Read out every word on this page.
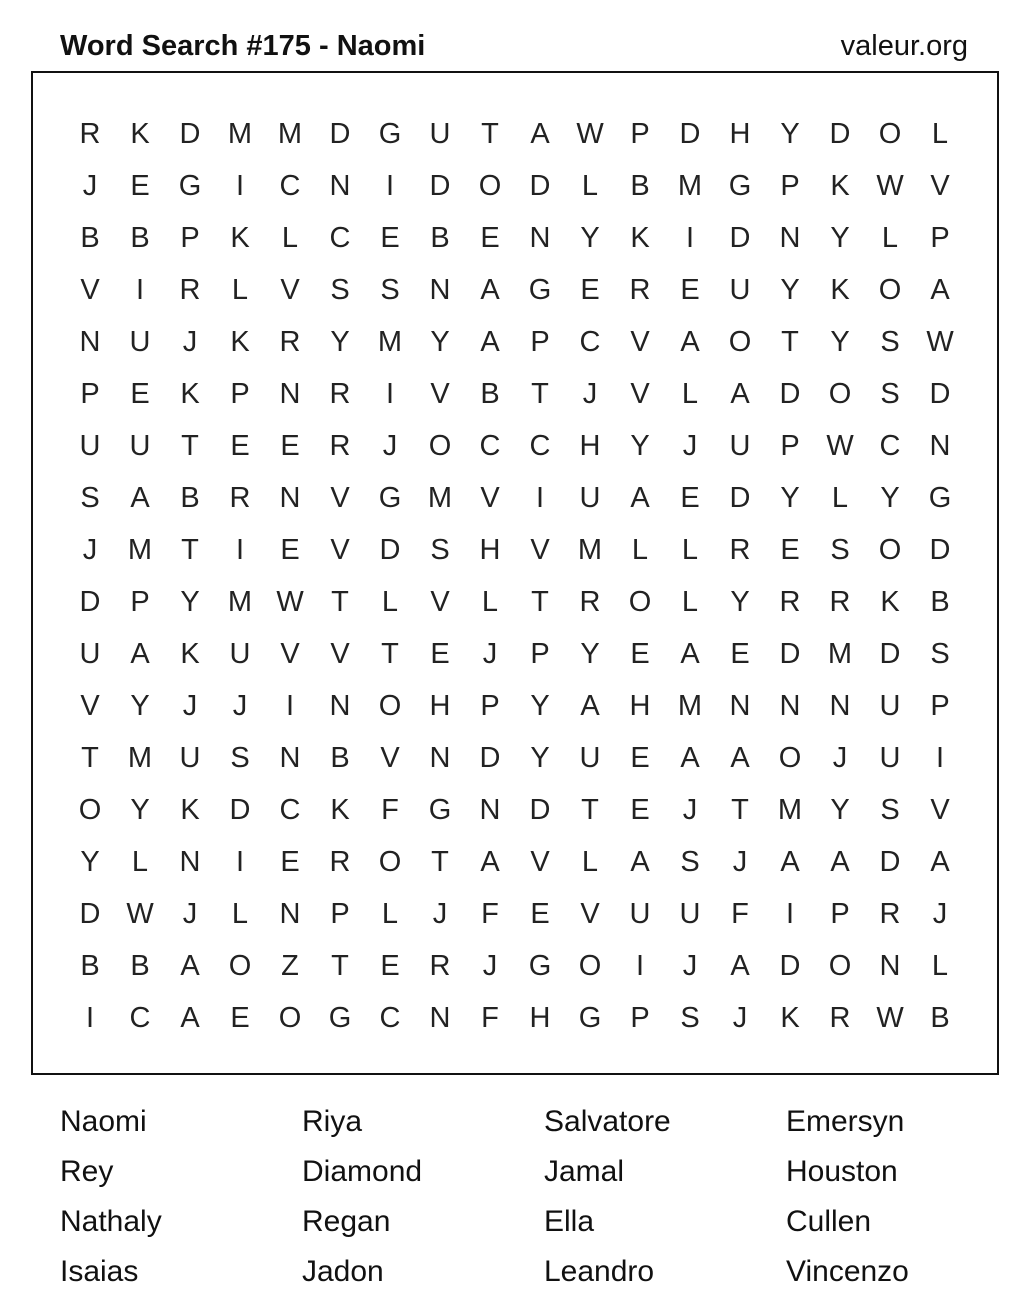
Word Search #175 - Naomi	valeur.org
R	K	D M M D G U	T	A W P	D	H	Y	D O	L
J	E	G	I	C	N	I	D O D	L	B M G	P	K W V
B	B	P	K	L	C	E	B	E	N	Y	K	I	D	N	Y	L	P
V	I	R	L	V	S	S	N	A	G	E	R	E	U	Y	K	O	A
N	U	J	K	R	Y M Y	A	P	C	V	A	O	T	Y	S W
P	E	K	P	N	R	I	V	B	T	J	V	L	A	D O	S	D
U	U	T	E	E	R	J	O C	C	H	Y	J	U	P W C	N
S	A	B	R	N	V	G M V	I	U	A	E	D	Y	L	Y	G
J	M	T	I	E	V	D	S	H	V M	L	L	R	E	S	O D
D	P	Y M W T	L	V	L	T	R O	L	Y	R	R	K	B
U	A	K	U	V	V	T	E	J	P	Y	E	A	E	D M D	S
V	Y	J	J	I	N O H	P	Y	A	H M N	N	N	U	P
T	M U	S	N	B	V	N	D	Y	U	E	A	A	O	J	U	I
O	Y	K	D	C	K	F	G N	D	T	E	J	T	M Y	S	V
Y	L	N	I	E	R O	T	A	V	L	A	S	J	A	A	D	A
D W	J	L	N	P	L	J	F	E	V	U	U	F	I	P	R	J
B	B	A	O	Z	T	E	R	J	G O	I	J	A	D O N	L
I	C	A	E	O G C	N	F	H G	P	S	J	K	R W B
Naomi	Riya	Salvatore	Emersyn
Rey	Diamond	Jamal	Houston
Nathaly	Regan	Ella	Cullen
Isaias	Jadon	Leandro	Vincenzo
